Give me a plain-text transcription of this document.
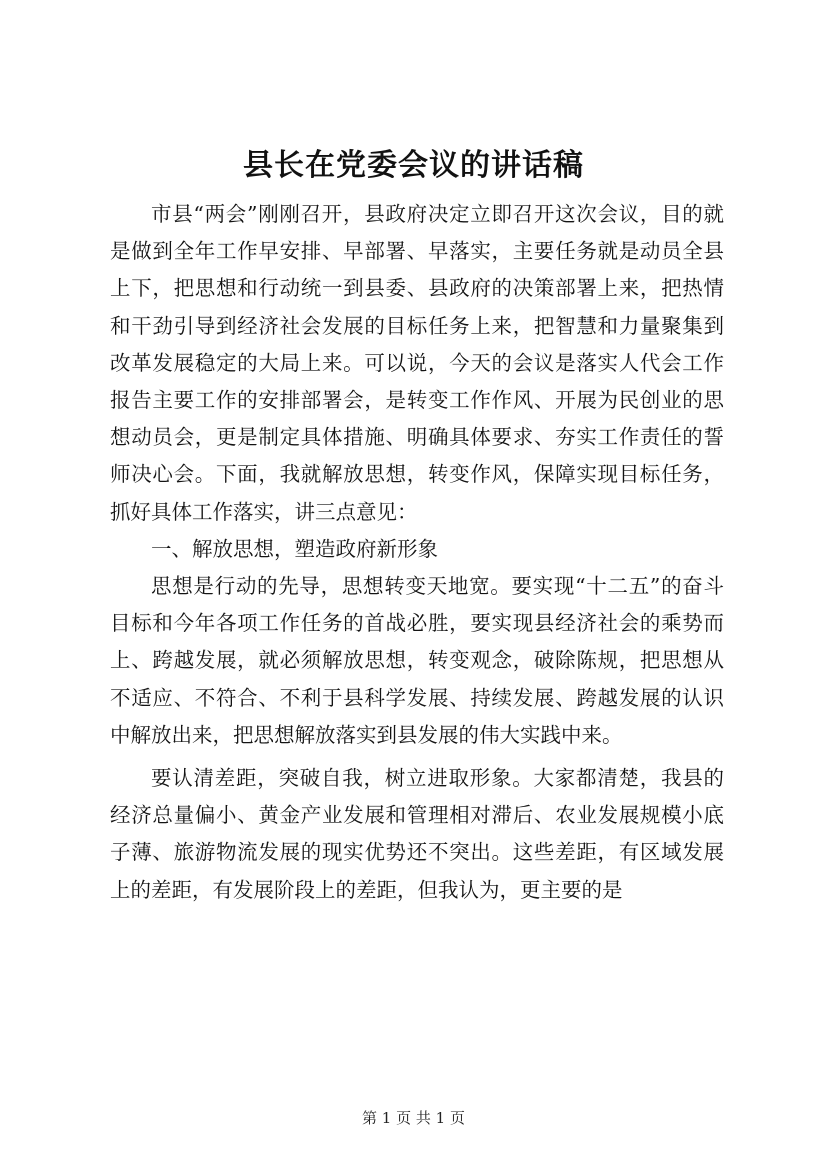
县长在党委会议的讲话稿

市县“两会”刚刚召开，县政府决定立即召开这次会议，目的就是做到全年工作早安排、早部署、早落实，主要任务就是动员全县上下，把思想和行动统一到县委、县政府的决策部署上来，把热情和干劲引导到经济社会发展的目标任务上来，把智慧和力量聚集到改革发展稳定的大局上来。可以说，今天的会议是落实人代会工作报告主要工作的安排部署会，是转变工作作风、开展为民创业的思想动员会，更是制定具体措施、明确具体要求、夯实工作责任的誓师决心会。下面，我就解放思想，转变作风，保障实现目标任务，抓好具体工作落实，讲三点意见：

一、解放思想，塑造政府新形象

思想是行动的先导，思想转变天地宽。要实现“十二五”的奋斗目标和今年各项工作任务的首战必胜，要实现县经济社会的乘势而上、跨越发展，就必须解放思想，转变观念，破除陈规，把思想从不适应、不符合、不利于县科学发展、持续发展、跨越发展的认识中解放出来，把思想解放落实到县发展的伟大实践中来。

要认清差距，突破自我，树立进取形象。大家都清楚，我县的经济总量偏小、黄金产业发展和管理相对滞后、农业发展规模小底子薄、旅游物流发展的现实优势还不突出。这些差距，有区域发展上的差距，有发展阶段上的差距，但我认为，更主要的是

第 1 页 共 1 页
